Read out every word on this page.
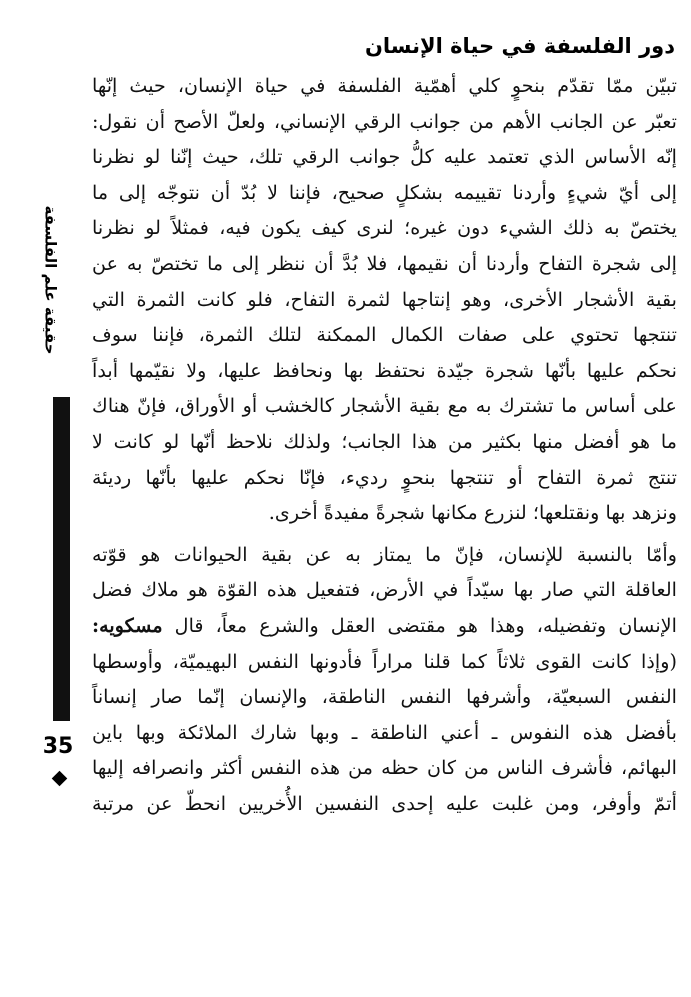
دور الفلسفة في حياة الإنسان

تبيّن ممّا تقدّم بنحوٍ كلي أهمّية الفلسفة في حياة الإنسان، حيث إنّها

تعبّر عن الجانب الأهم من جوانب الرقي الإنساني، ولعلّ الأصح أن نقول:

إنّه الأساس الذي تعتمد عليه كلُّ جوانب الرقي تلك، حيث إنّنا لو نظرنا

إلى أيّ شيءٍ وأردنا تقييمه بشكلٍ صحيح، فإننا لا بُدّ أن نتوجّه إلى ما

يختصّ به ذلك الشيء دون غيره؛ لنرى كيف يكون فيه، فمثلاً لو نظرنا

إلى شجرة التفاح وأردنا أن نقيمها، فلا بُدَّ أن ننظر إلى ما تختصّ به عن

بقية الأشجار الأخرى، وهو إنتاجها لثمرة التفاح، فلو كانت الثمرة التي

تنتجها تحتوي على صفات الكمال الممكنة لتلك الثمرة، فإننا سوف

نحكم عليها بأنّها شجرة جيّدة نحتفظ بها ونحافظ عليها، ولا نقيّمها أبداً

على أساس ما تشترك به مع بقية الأشجار كالخشب أو الأوراق، فإنّ هناك

ما هو أفضل منها بكثير من هذا الجانب؛ ولذلك نلاحظ أنّها لو كانت لا

تنتج ثمرة التفاح أو تنتجها بنحوٍ رديء، فإنّا نحكم عليها بأنّها رديئة

ونزهد بها ونقتلعها؛ لنزرع مكانها شجرةً مفيدةً أخرى.

وأمّا بالنسبة للإنسان، فإنّ ما يمتاز به عن بقية الحيوانات هو قوّته

العاقلة التي صار بها سيّداً في الأرض، فتفعيل هذه القوّة هو ملاك فضل

الإنسان وتفضيله، وهذا هو مقتضى العقل والشرع معاً، قال مسكويه:

(وإذا كانت القوى ثلاثاً كما قلنا مراراً فأدونها النفس البهيميّة، وأوسطها

النفس السبعيّة، وأشرفها النفس الناطقة، والإنسان إنّما صار إنساناً

بأفضل هذه النفوس ـ أعني الناطقة ـ وبها شارك الملائكة وبها باين

البهائم، فأشرف الناس من كان حظه من هذه النفس أكثر وانصرافه إليها

أتمّ وأوفر، ومن غلبت عليه إحدى النفسين الأُخريين انحطّ عن مرتبة

حقيقة علم الفلسفة
35
